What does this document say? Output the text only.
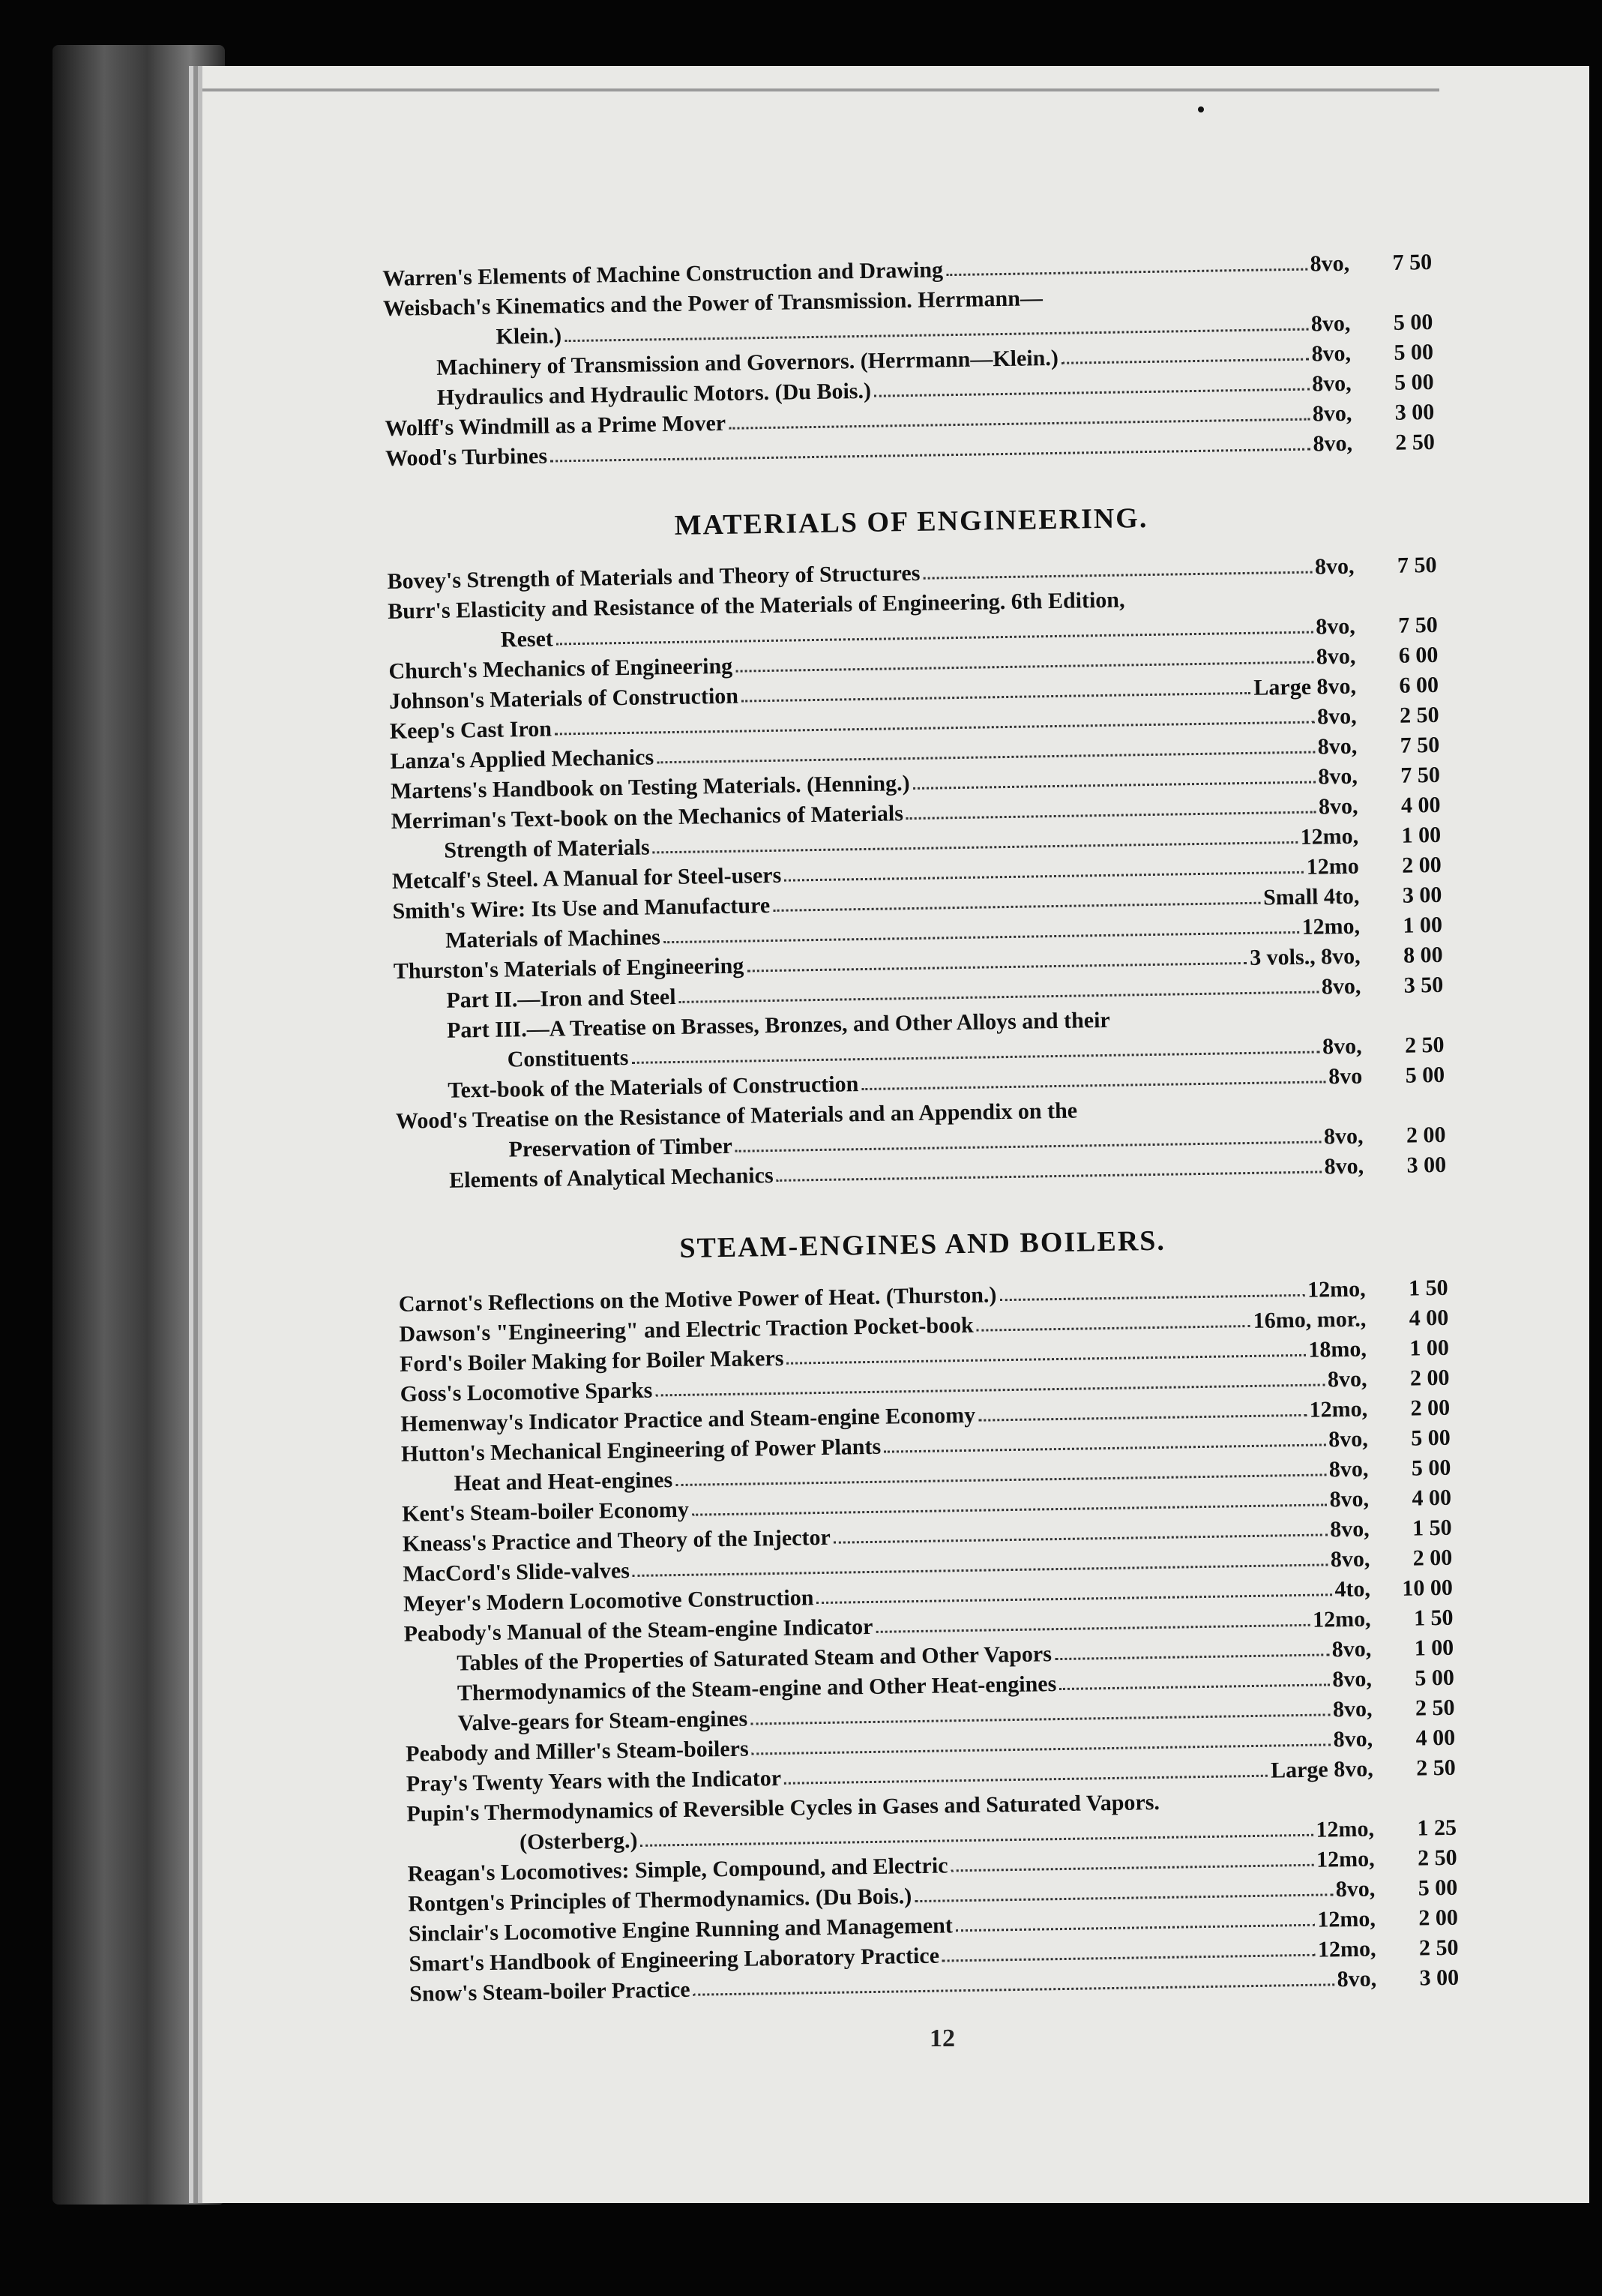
Warren's Elements of Machine Construction and Drawing	8vo,	7 50
Weisbach's Kinematics and the Power of Transmission. Herrmann—
Klein.)	8vo,	5 00
Machinery of Transmission and Governors. (Herrmann—Klein.)	8vo,	5 00
Hydraulics and Hydraulic Motors. (Du Bois.)	8vo,	5 00
Wolff's Windmill as a Prime Mover	8vo,	3 00
Wood's Turbines	8vo,	2 50
MATERIALS OF ENGINEERING.
Bovey's Strength of Materials and Theory of Structures	8vo,	7 50
Burr's Elasticity and Resistance of the Materials of Engineering. 6th Edition,
Reset	8vo,	7 50
Church's Mechanics of Engineering	8vo,	6 00
Johnson's Materials of Construction	Large 8vo,	6 00
Keep's Cast Iron	8vo,	2 50
Lanza's Applied Mechanics	8vo,	7 50
Martens's Handbook on Testing Materials. (Henning.)	8vo,	7 50
Merriman's Text-book on the Mechanics of Materials	8vo,	4 00
Strength of Materials	12mo,	1 00
Metcalf's Steel. A Manual for Steel-users	12mo	2 00
Smith's Wire: Its Use and Manufacture	Small 4to,	3 00
Materials of Machines	12mo,	1 00
Thurston's Materials of Engineering	3 vols., 8vo,	8 00
Part II.—Iron and Steel	8vo,	3 50
Part III.—A Treatise on Brasses, Bronzes, and Other Alloys and their
Constituents	8vo,	2 50
Text-book of the Materials of Construction	8vo	5 00
Wood's Treatise on the Resistance of Materials and an Appendix on the
Preservation of Timber	8vo,	2 00
Elements of Analytical Mechanics	8vo,	3 00
STEAM-ENGINES AND BOILERS.
Carnot's Reflections on the Motive Power of Heat. (Thurston.)	12mo,	1 50
Dawson's "Engineering" and Electric Traction Pocket-book	16mo, mor.,	4 00
Ford's Boiler Making for Boiler Makers	18mo,	1 00
Goss's Locomotive Sparks	8vo,	2 00
Hemenway's Indicator Practice and Steam-engine Economy	12mo,	2 00
Hutton's Mechanical Engineering of Power Plants	8vo,	5 00
Heat and Heat-engines	8vo,	5 00
Kent's Steam-boiler Economy	8vo,	4 00
Kneass's Practice and Theory of the Injector	8vo,	1 50
MacCord's Slide-valves	8vo,	2 00
Meyer's Modern Locomotive Construction	4to,	10 00
Peabody's Manual of the Steam-engine Indicator	12mo,	1 50
Tables of the Properties of Saturated Steam and Other Vapors	8vo,	1 00
Thermodynamics of the Steam-engine and Other Heat-engines	8vo,	5 00
Valve-gears for Steam-engines	8vo,	2 50
Peabody and Miller's Steam-boilers	8vo,	4 00
Pray's Twenty Years with the Indicator	Large 8vo,	2 50
Pupin's Thermodynamics of Reversible Cycles in Gases and Saturated Vapors.
(Osterberg.)	12mo,	1 25
Reagan's Locomotives: Simple, Compound, and Electric	12mo,	2 50
Rontgen's Principles of Thermodynamics. (Du Bois.)	8vo,	5 00
Sinclair's Locomotive Engine Running and Management	12mo,	2 00
Smart's Handbook of Engineering Laboratory Practice	12mo,	2 50
Snow's Steam-boiler Practice	8vo,	3 00
12
